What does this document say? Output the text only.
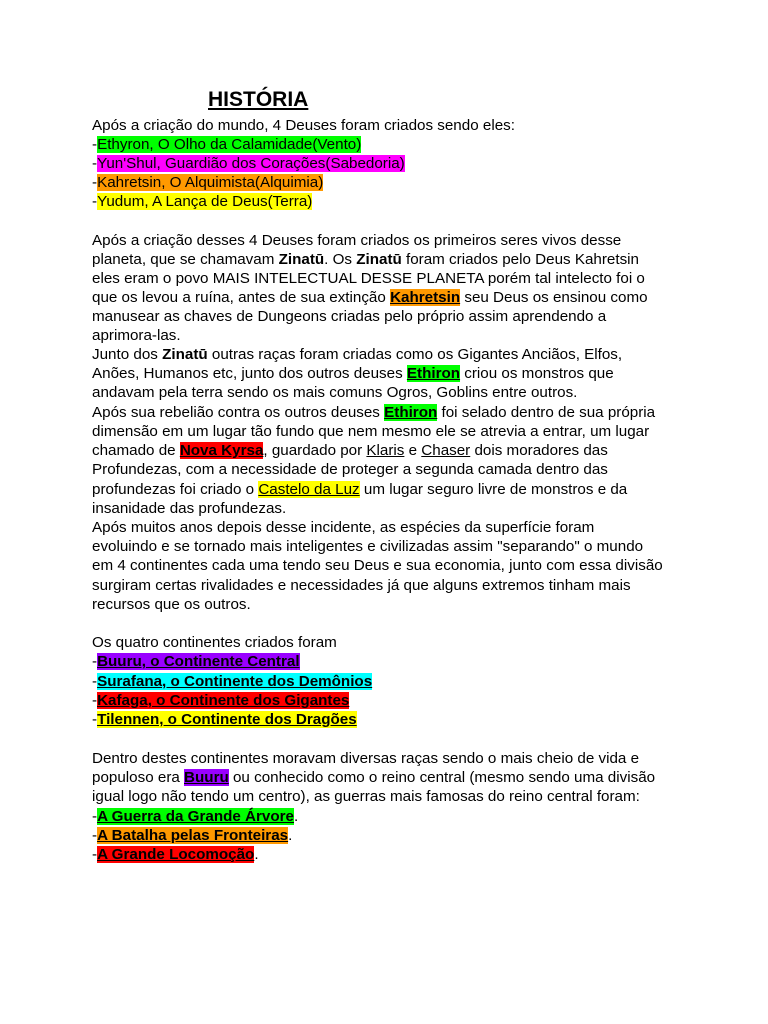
HISTÓRIA
Após a criação do mundo, 4 Deuses foram criados sendo eles:
-Ethyron, O Olho da Calamidade(Vento)
-Yun'Shul, Guardião dos Corações(Sabedoria)
-Kahretsin, O Alquimista(Alquimia)
-Yudum, A Lança de Deus(Terra)
Após a criação desses 4 Deuses foram criados os primeiros seres vivos desse
planeta, que se chamavam Zinatū. Os Zinatū foram criados pelo Deus Kahretsin
eles eram o povo MAIS INTELECTUAL DESSE PLANETA porém tal intelecto foi o
que os levou a ruína, antes de sua extinção Kahretsin seu Deus os ensinou como
manusear as chaves de Dungeons criadas pelo próprio assim aprendendo a
aprimora-las.
Junto dos Zinatū outras raças foram criadas como os Gigantes Anciãos, Elfos,
Anões, Humanos etc, junto dos outros deuses Ethiron criou os monstros que
andavam pela terra sendo os mais comuns Ogros, Goblins entre outros.
Após sua rebelião contra os outros deuses Ethiron foi selado dentro de sua própria
dimensão em um lugar tão fundo que nem mesmo ele se atrevia a entrar, um lugar
chamado de Nova Kyrsa, guardado por Klaris e Chaser dois moradores das
Profundezas, com a necessidade de proteger a segunda camada dentro das
profundezas foi criado o Castelo da Luz um lugar seguro livre de monstros e da
insanidade das profundezas.
Após muitos anos depois desse incidente, as espécies da superfície foram
evoluindo e se tornado mais inteligentes e civilizadas assim "separando" o mundo
em 4 continentes cada uma tendo seu Deus e sua economia, junto com essa divisão
surgiram certas rivalidades e necessidades já que alguns extremos tinham mais
recursos que os outros.
Os quatro continentes criados foram
-Buuru, o Continente Central
-Surafana, o Continente dos Demônios
-Kafaga, o Continente dos Gigantes
-Tilennen, o Continente dos Dragões
Dentro destes continentes moravam diversas raças sendo o mais cheio de vida e
populoso era Buuru ou conhecido como o reino central (mesmo sendo uma divisão
igual logo não tendo um centro), as guerras mais famosas do reino central foram:
-A Guerra da Grande Árvore.
-A Batalha pelas Fronteiras.
-A Grande Locomoção.
